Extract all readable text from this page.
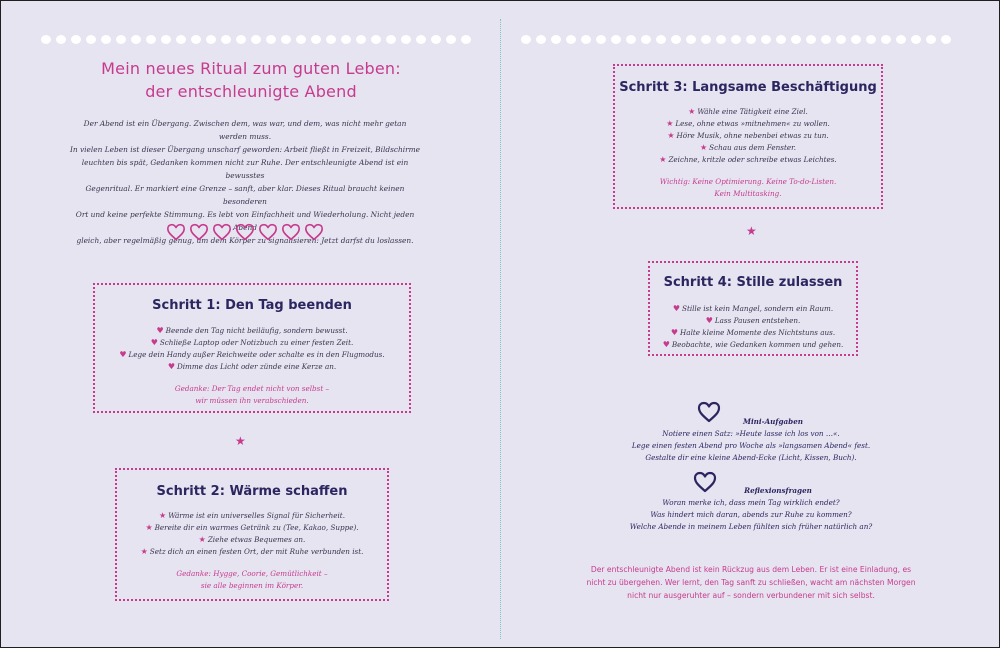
Mein neues Ritual zum guten Leben:
der entschleunigte Abend
Der Abend ist ein Übergang. Zwischen dem, was war, und dem, was nicht mehr getan werden muss.
In vielen Leben ist dieser Übergang unscharf geworden: Arbeit fließt in Freizeit, Bildschirme
leuchten bis spät, Gedanken kommen nicht zur Ruhe. Der entschleunigte Abend ist ein bewusstes
Gegenritual. Er markiert eine Grenze – sanft, aber klar. Dieses Ritual braucht keinen besonderen
Ort und keine perfekte Stimmung. Es lebt von Einfachheit und Wiederholung. Nicht jeden Abend
gleich, aber regelmäßig genug, um dem Körper zu signalisieren: Jetzt darfst du loslassen.
Schritt 1: Den Tag beenden
♥ Beende den Tag nicht beiläufig, sondern bewusst.
♥ Schließe Laptop oder Notizbuch zu einer festen Zeit.
♥ Lege dein Handy außer Reichweite oder schalte es in den Flugmodus.
♥ Dimme das Licht oder zünde eine Kerze an.
Gedanke: Der Tag endet nicht von selbst –
wir müssen ihn verabschieden.
★
Schritt 2: Wärme schaffen
★ Wärme ist ein universelles Signal für Sicherheit.
★ Bereite dir ein warmes Getränk zu (Tee, Kakao, Suppe).
★ Ziehe etwas Bequemes an.
★ Setz dich an einen festen Ort, der mit Ruhe verbunden ist.
Gedanke: Hygge, Coorie, Gemütlichkeit –
sie alle beginnen im Körper.
Schritt 3: Langsame Beschäftigung
★ Wähle eine Tätigkeit eine Ziel.
★ Lese, ohne etwas »mitnehmen« zu wollen.
★ Höre Musik, ohne nebenbei etwas zu tun.
★ Schau aus dem Fenster.
★ Zeichne, kritzle oder schreibe etwas Leichtes.
Wichtig: Keine Optimierung. Keine To-do-Listen.
Kein Multitasking.
★
Schritt 4: Stille zulassen
♥ Stille ist kein Mangel, sondern ein Raum.
♥ Lass Pausen entstehen.
♥ Halte kleine Momente des Nichtstuns aus.
♥ Beobachte, wie Gedanken kommen und gehen.
Mini-Aufgaben
Notiere einen Satz: »Heute lasse ich los von …«.
Lege einen festen Abend pro Woche als »langsamen Abend« fest.
Gestalte dir eine kleine Abend-Ecke (Licht, Kissen, Buch).
Reflexionsfragen
Woran merke ich, dass mein Tag wirklich endet?
Was hindert mich daran, abends zur Ruhe zu kommen?
Welche Abende in meinem Leben fühlten sich früher natürlich an?
Der entschleunigte Abend ist kein Rückzug aus dem Leben. Er ist eine Einladung, es
nicht zu übergehen. Wer lernt, den Tag sanft zu schließen, wacht am nächsten Morgen
nicht nur ausgeruhter auf – sondern verbundener mit sich selbst.
